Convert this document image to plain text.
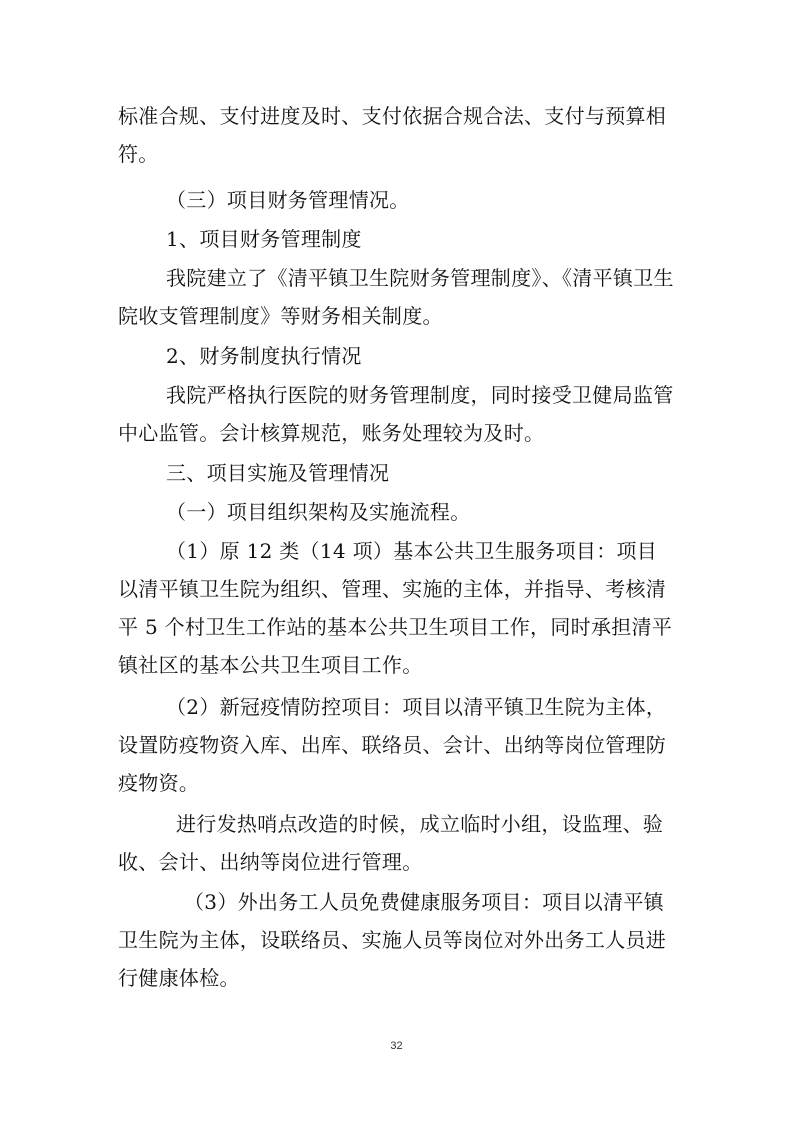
标准合规、支付进度及时、支付依据合规合法、支付与预算相符。

（三）项目财务管理情况。

1、项目财务管理制度

我院建立了《清平镇卫生院财务管理制度》、《清平镇卫生院收支管理制度》等财务相关制度。

2、财务制度执行情况

我院严格执行医院的财务管理制度，同时接受卫健局监管中心监管。会计核算规范，账务处理较为及时。

三、项目实施及管理情况

（一）项目组织架构及实施流程。

（1）原 12 类（14 项）基本公共卫生服务项目：项目以清平镇卫生院为组织、管理、实施的主体，并指导、考核清平 5 个村卫生工作站的基本公共卫生项目工作，同时承担清平镇社区的基本公共卫生项目工作。

（2）新冠疫情防控项目：项目以清平镇卫生院为主体，设置防疫物资入库、出库、联络员、会计、出纳等岗位管理防疫物资。

进行发热哨点改造的时候，成立临时小组，设监理、验收、会计、出纳等岗位进行管理。

（3）外出务工人员免费健康服务项目：项目以清平镇卫生院为主体，设联络员、实施人员等岗位对外出务工人员进行健康体检。

32
